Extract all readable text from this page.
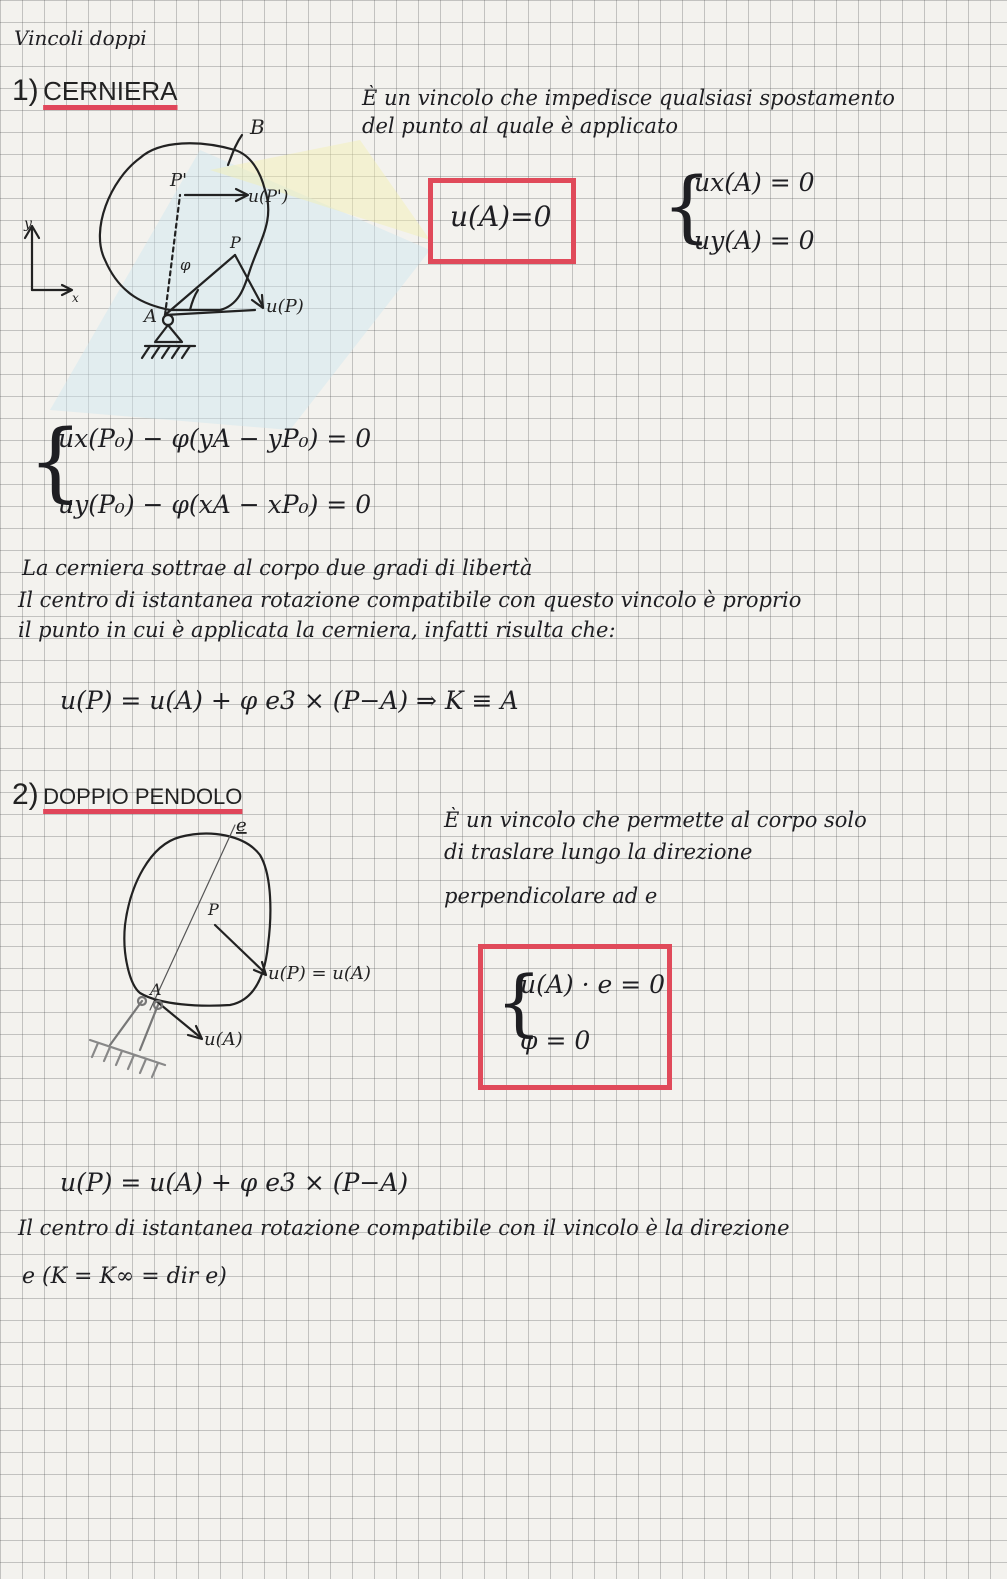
Vincoli doppi
1) CERNIERA	È un vincolo che impedisce qualsiasi spostamento
del punto al quale è applicato
u(A)=0 {
ux(A) = 0
uy(A) = 0
B
P'
u(P')
P
u(P)
A
φ
y
x
{
ux(P₀) − φ(yA − yP₀) = 0
uy(P₀) − φ(xA − xP₀) = 0
La cerniera sottrae al corpo due gradi di libertà
Il centro di istantanea rotazione compatibile con questo vincolo è proprio
il punto in cui è applicata la cerniera, infatti risulta che:
u(P) = u(A) + φ e3 × (P−A) ⇒ K ≡ A
2) DOPPIO PENDOLO
È un vincolo che permette al corpo solo
di traslare lungo la direzione
perpendicolare ad e
{
u(A) · e = 0
φ = 0
e
P
u(P) = u(A)
A
u(A)
u(P) = u(A) + φ e3 × (P−A)
Il centro di istantanea rotazione compatibile con il vincolo è la direzione
e (K = K∞ = dir e)
